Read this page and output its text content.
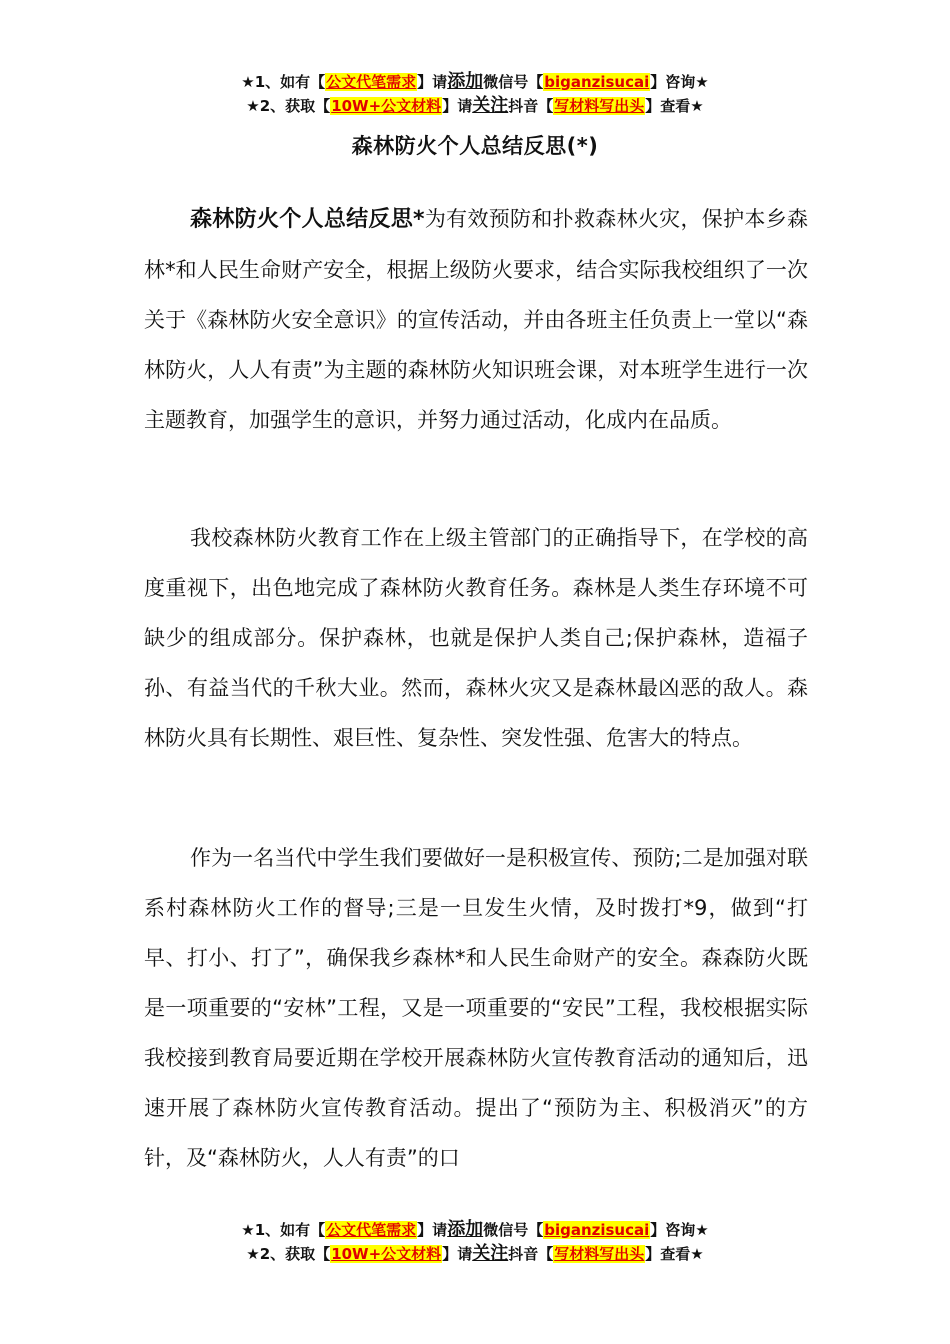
★1、如有【公文代笔需求】请添加微信号【biganzisucai】咨询★
★2、获取【10W+公文材料】请关注抖音【写材料写出头】查看★
森林防火个人总结反思(*)
森林防火个人总结反思*为有效预防和扑救森林火灾，保护本乡森林*和人民生命财产安全，根据上级防火要求，结合实际我校组织了一次关于《森林防火安全意识》的宣传活动，并由各班主任负责上一堂以“森林防火，人人有责”为主题的森林防火知识班会课，对本班学生进行一次主题教育，加强学生的意识，并努力通过活动，化成内在品质。
我校森林防火教育工作在上级主管部门的正确指导下，在学校的高度重视下，出色地完成了森林防火教育任务。森林是人类生存环境不可缺少的组成部分。保护森林，也就是保护人类自己;保护森林，造福子孙、有益当代的千秋大业。然而，森林火灾又是森林最凶恶的敌人。森林防火具有长期性、艰巨性、复杂性、突发性强、危害大的特点。
作为一名当代中学生我们要做好一是积极宣传、预防;二是加强对联系村森林防火工作的督导;三是一旦发生火情，及时拨打*9，做到“打早、打小、打了”，确保我乡森林*和人民生命财产的安全。森森防火既是一项重要的“安林”工程，又是一项重要的“安民”工程，我校根据实际我校接到教育局要近期在学校开展森林防火宣传教育活动的通知后，迅速开展了森林防火宣传教育活动。提出了“预防为主、积极消灭”的方针，及“森林防火，人人有责”的口
★1、如有【公文代笔需求】请添加微信号【biganzisucai】咨询★
★2、获取【10W+公文材料】请关注抖音【写材料写出头】查看★
